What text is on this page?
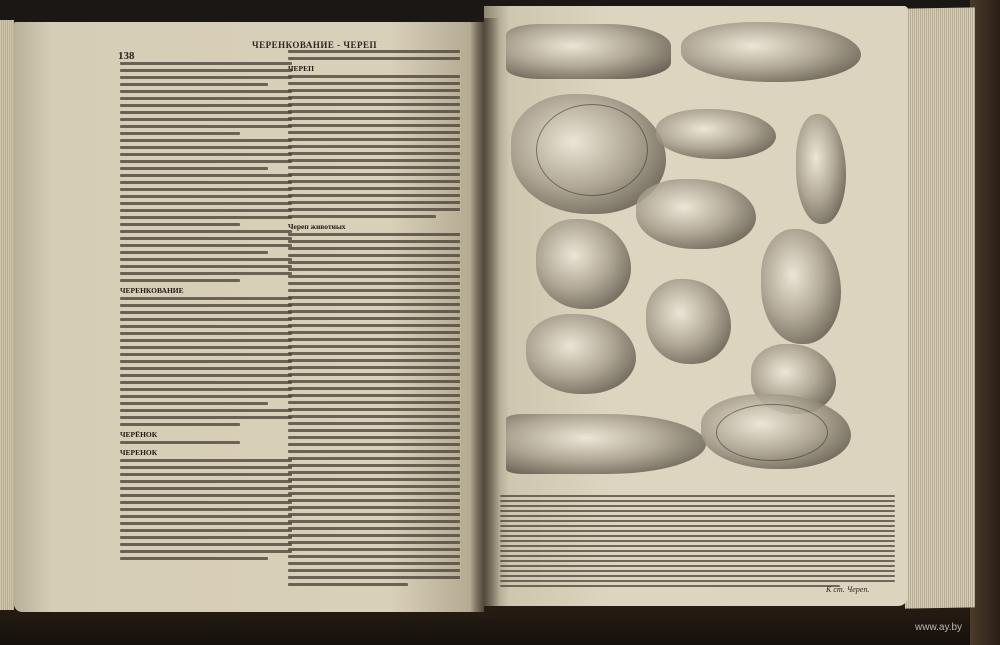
138
ЧЕРЕНКОВАНИЕ - ЧЕРЕП
ЧЕРЕНКОВАНИЕ
ЧЕРЁНОК
ЧЕРЕНОК
ЧЕРЕП
Череп животных
К ст. Череп.
www.ay.by
